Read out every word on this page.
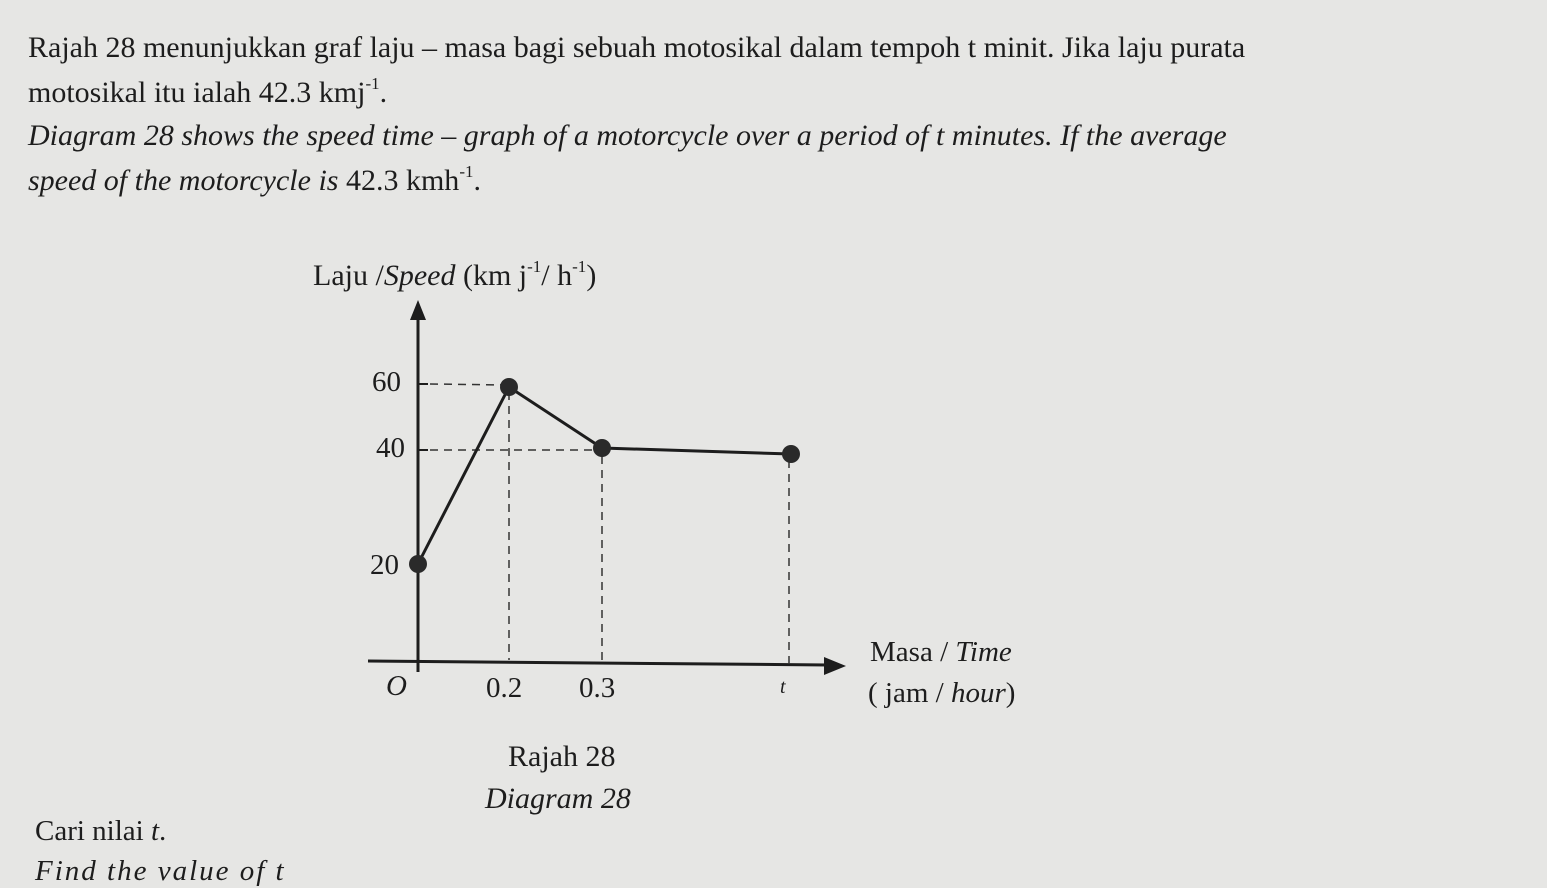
Rajah 28 menunjukkan graf laju – masa bagi sebuah motosikal dalam tempoh t minit. Jika laju purata
motosikal itu ialah 42.3 kmj$^{-1}$.
Diagram 28 shows the speed time – graph of a motorcycle over a period of t minutes. If the average
speed of the motorcycle is 42.3 kmh$^{-1}$.
Laju /Speed (km $j^{-1}/$ $h^{-1}$)
60
40
20
O	0.2 0.3	t
Masa / Time
( jam / hour)
Rajah 28
Diagram 28
Cari nilai t.
Find the value of t
